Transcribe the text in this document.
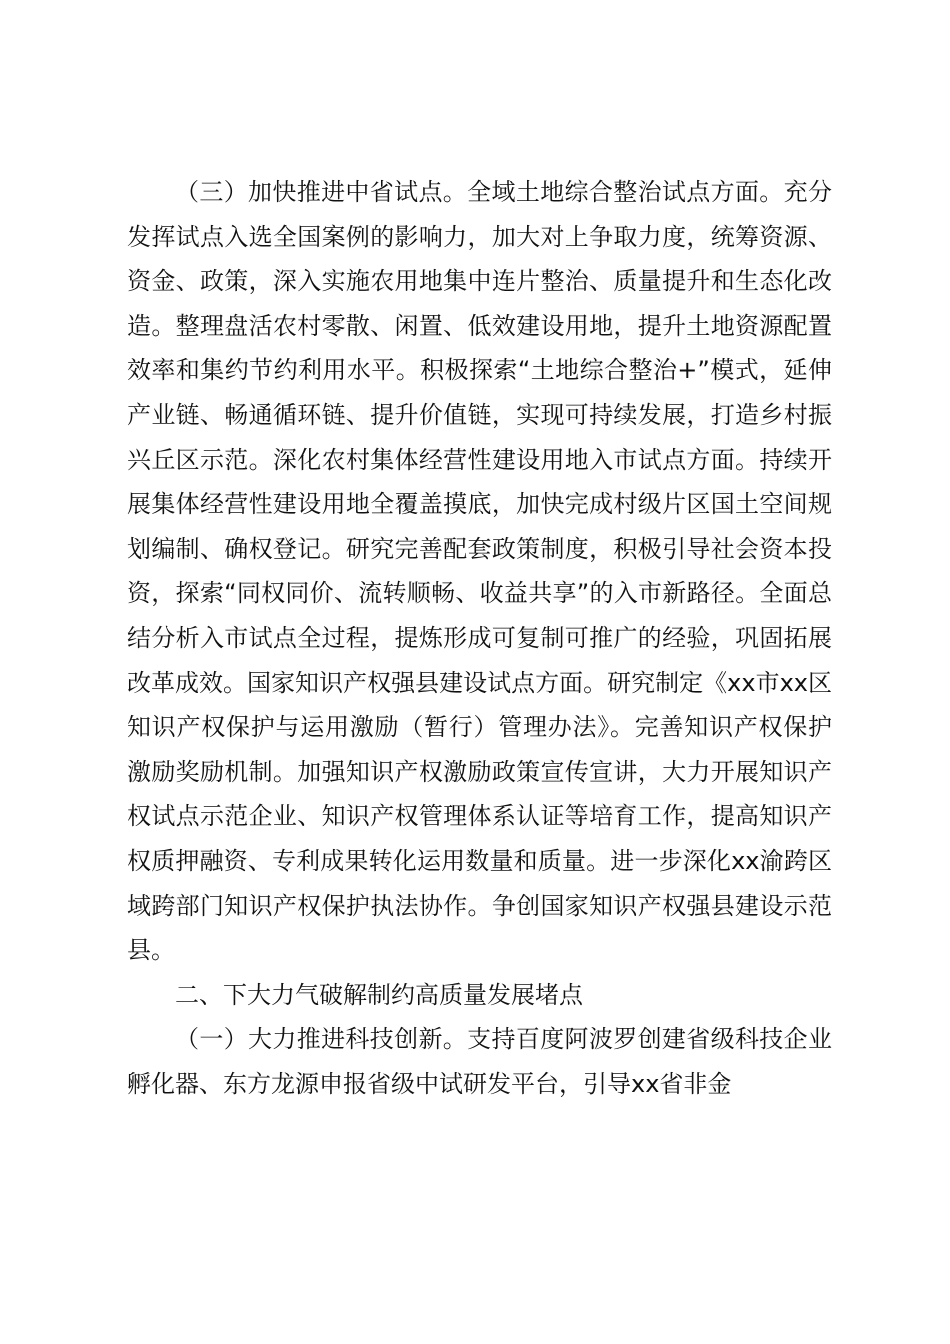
（三）加快推进中省试点。全域土地综合整治试点方面。充分发挥试点入选全国案例的影响力，加大对上争取力度，统筹资源、资金、政策，深入实施农用地集中连片整治、质量提升和生态化改造。整理盘活农村零散、闲置、低效建设用地，提升土地资源配置效率和集约节约利用水平。积极探索“土地综合整治+”模式，延伸产业链、畅通循环链、提升价值链，实现可持续发展，打造乡村振兴丘区示范。深化农村集体经营性建设用地入市试点方面。持续开展集体经营性建设用地全覆盖摸底，加快完成村级片区国土空间规划编制、确权登记。研究完善配套政策制度，积极引导社会资本投资，探索“同权同价、流转顺畅、收益共享”的入市新路径。全面总结分析入市试点全过程，提炼形成可复制可推广的经验，巩固拓展改革成效。国家知识产权强县建设试点方面。研究制定《xx市xx区知识产权保护与运用激励（暂行）管理办法》。完善知识产权保护激励奖励机制。加强知识产权激励政策宣传宣讲，大力开展知识产权试点示范企业、知识产权管理体系认证等培育工作，提高知识产权质押融资、专利成果转化运用数量和质量。进一步深化xx渝跨区域跨部门知识产权保护执法协作。争创国家知识产权强县建设示范县。

二、下大力气破解制约高质量发展堵点

（一）大力推进科技创新。支持百度阿波罗创建省级科技企业孵化器、东方龙源申报省级中试研发平台，引导xx省非金
